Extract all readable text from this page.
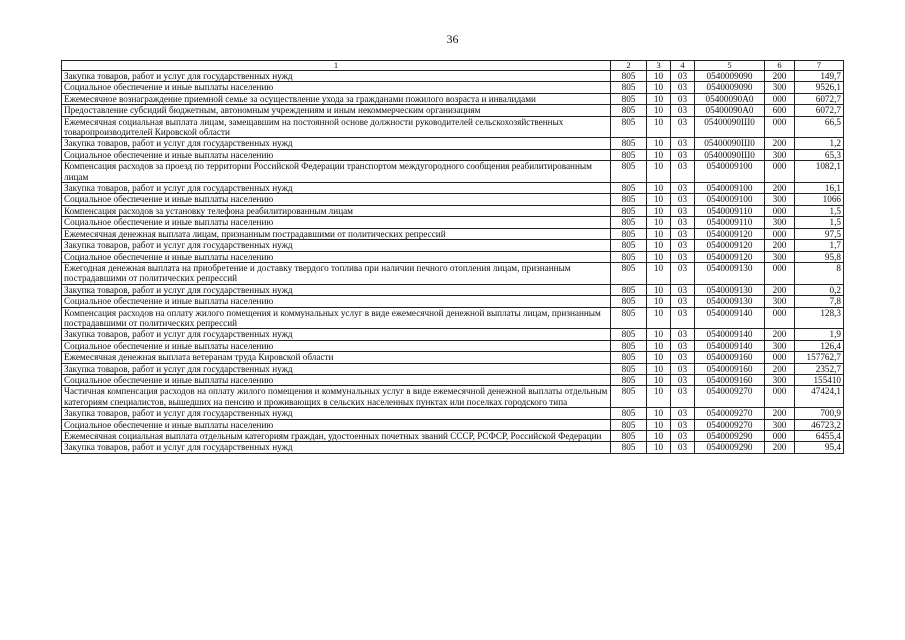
36
1	2	3	4	5	6	7
Закупка товаров, работ и услуг для государственных нужд	805	10	03	0540009090	200	149,7
Социальное обеспечение и иные выплаты населению	805	10	03	0540009090	300	9526,1
Ежемесячное вознаграждение приемной семье за осуществление ухода за гражданами пожилого возраста и инвалидами	805	10	03	05400090А0	000	6072,7
Предоставление субсидий бюджетным, автономным учреждениям и иным некоммерческим организациям	805	10	03	05400090А0	600	6072,7
Ежемесячная социальная выплата лицам, замещавшим на постоянной основе должности руководителей сельскохозяйственных товаропроизводителей Кировской области	805	10	03	05400090Ш0	000	66,5
Закупка товаров, работ и услуг для государственных нужд	805	10	03	05400090Ш0	200	1,2
Социальное обеспечение и иные выплаты населению	805	10	03	05400090Ш0	300	65,3
Компенсация расходов за проезд по территории Российской Федерации транспортом междугородного сообщения реабилитированным лицам	805	10	03	0540009100	000	1082,1
Закупка товаров, работ и услуг для государственных нужд	805	10	03	0540009100	200	16,1
Социальное обеспечение и иные выплаты населению	805	10	03	0540009100	300	1066
Компенсация расходов за установку телефона реабилитированным лицам	805	10	03	0540009110	000	1,5
Социальное обеспечение и иные выплаты населению	805	10	03	0540009110	300	1,5
Ежемесячная денежная выплата лицам, признанным пострадавшими от политических репрессий	805	10	03	0540009120	000	97,5
Закупка товаров, работ и услуг для государственных нужд	805	10	03	0540009120	200	1,7
Социальное обеспечение и иные выплаты населению	805	10	03	0540009120	300	95,8
Ежегодная денежная выплата на приобретение и доставку твердого топлива при наличии печного отопления лицам, признанным пострадавшими от политических репрессий	805	10	03	0540009130	000	8
Закупка товаров, работ и услуг для государственных нужд	805	10	03	0540009130	200	0,2
Социальное обеспечение и иные выплаты населению	805	10	03	0540009130	300	7,8
Компенсация расходов на оплату жилого помещения и коммунальных услуг в виде ежемесячной денежной выплаты лицам, признанным пострадавшими от политических репрессий	805	10	03	0540009140	000	128,3
Закупка товаров, работ и услуг для государственных нужд	805	10	03	0540009140	200	1,9
Социальное обеспечение и иные выплаты населению	805	10	03	0540009140	300	126,4
Ежемесячная денежная выплата ветеранам труда Кировской области	805	10	03	0540009160	000	157762,7
Закупка товаров, работ и услуг для государственных нужд	805	10	03	0540009160	200	2352,7
Социальное обеспечение и иные выплаты населению	805	10	03	0540009160	300	155410
Частичная компенсация расходов на оплату жилого помещения и коммунальных услуг в виде ежемесячной денежной выплаты отдельным категориям специалистов, вышедших на пенсию и проживающих в сельских населенных пунктах или поселках городского типа	805	10	03	0540009270	000	47424,1
Закупка товаров, работ и услуг для государственных нужд	805	10	03	0540009270	200	700,9
Социальное обеспечение и иные выплаты населению	805	10	03	0540009270	300	46723,2
Ежемесячная социальная выплата отдельным категориям граждан, удостоенных почетных званий СССР, РСФСР, Российской Федерации	805	10	03	0540009290	000	6455,4
Закупка товаров, работ и услуг для государственных нужд	805	10	03	0540009290	200	95,4
